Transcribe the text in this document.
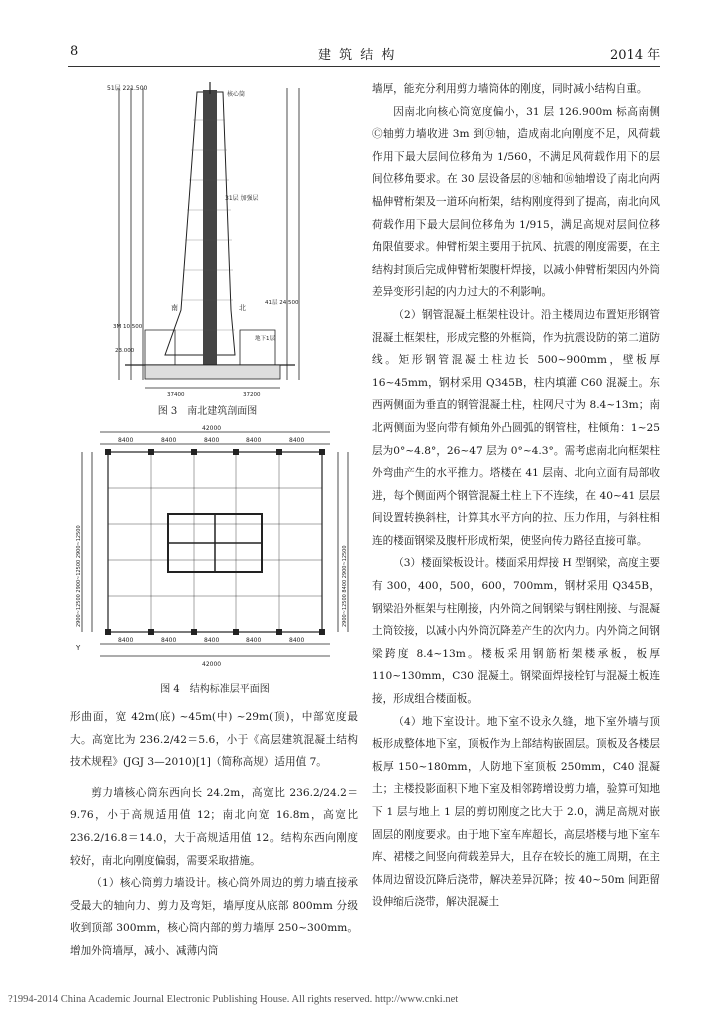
8	建 筑 结 构	2014 年
51层 221.500
核心筒
31层 加强层
南	北
41层 24.500
3M 10.500
23.000
地下1层
37400	37200
图 3　南北建筑剖面图
8400	8400	8400	8400	8400
42000
8400	8400	8400	8400	8400
42000
2900~12500 2900~12500 2900~12500	2900~12500 8400 2900~12500
Y
图 4　结构标准层平面图

形曲面，宽 42m(底) ~45m(中) ~29m(顶)，中部宽度最大。高宽比为 236.2/42＝5.6，小于《高层建筑混凝土结构技术规程》(JGJ 3—2010)[1]（简称高规）适用值 7。

剪力墙核心筒东西向长 24.2m，高宽比 236.2/24.2＝9.76，小于高规适用值 12；南北向宽 16.8m，高宽比 236.2/16.8＝14.0，大于高规适用值 12。结构东西向刚度较好，南北向刚度偏弱，需要采取措施。

（1）核心筒剪力墙设计。核心筒外周边的剪力墙直接承受最大的轴向力、剪力及弯矩，墙厚度从底部 800mm 分级收到顶部 300mm，核心筒内部的剪力墙厚 250~300mm。增加外筒墙厚，减小、减薄内筒

墙厚，能充分利用剪力墙筒体的刚度，同时减小结构自重。

因南北向核心筒宽度偏小，31 层 126.900m 标高南侧Ⓒ轴剪力墙收进 3m 到Ⓓ轴，造成南北向刚度不足，风荷载作用下最大层间位移角为 1/560，不满足风荷载作用下的层间位移角要求。在 30 层设备层的⑧轴和⑯轴增设了南北向两榀伸臂桁架及一道环向桁架，结构刚度得到了提高，南北向风荷载作用下最大层间位移角为 1/915，满足高规对层间位移角限值要求。伸臂桁架主要用于抗风、抗震的刚度需要，在主结构封顶后完成伸臂桁架腹杆焊接，以减小伸臂桁架因内外筒差异变形引起的内力过大的不利影响。

（2）钢管混凝土框架柱设计。沿主楼周边布置矩形钢管混凝土框架柱，形成完整的外框筒，作为抗震设防的第二道防线。矩形钢管混凝土柱边长 500~900mm，壁板厚 16~45mm，钢材采用 Q345B，柱内填灌 C60 混凝土。东西两侧面为垂直的钢管混凝土柱，柱网尺寸为 8.4~13m；南北两侧面为竖向带有倾角外凸圆弧的钢管柱，柱倾角：1~25 层为0°~4.8°，26~47 层为 0°~4.3°。需考虑南北向框架柱外弯曲产生的水平推力。塔楼在 41 层南、北向立面有局部收进，每个侧面两个钢管混凝土柱上下不连续，在 40~41 层层间设置转换斜柱，计算其水平方向的拉、压力作用，与斜柱相连的楼面钢梁及腹杆形成桁架，使竖向传力路径直接可靠。

（3）楼面梁板设计。楼面采用焊接 H 型钢梁，高度主要有 300，400，500，600，700mm，钢材采用 Q345B，钢梁沿外框架与柱刚接，内外筒之间钢梁与钢柱刚接、与混凝土筒铰接，以减小内外筒沉降差产生的次内力。内外筒之间钢梁跨度 8.4~13m。楼板采用钢筋桁架楼承板，板厚 110~130mm，C30 混凝土。钢梁面焊接栓钉与混凝土板连接，形成组合楼面板。

（4）地下室设计。地下室不设永久缝，地下室外墙与顶板形成整体地下室，顶板作为上部结构嵌固层。顶板及各楼层板厚 150~180mm，人防地下室顶板 250mm，C40 混凝土；主楼投影面积下地下室及相邻跨增设剪力墙，验算可知地下 1 层与地上 1 层的剪切刚度之比大于 2.0，满足高规对嵌固层的刚度要求。由于地下室车库超长，高层塔楼与地下室车库、裙楼之间竖向荷载差异大，且存在较长的施工周期，在主体周边留设沉降后浇带，解决差异沉降；按 40~50m 间距留设伸缩后浇带，解决混凝土

?1994-2014 China Academic Journal Electronic Publishing House. All rights reserved. http://www.cnki.net
